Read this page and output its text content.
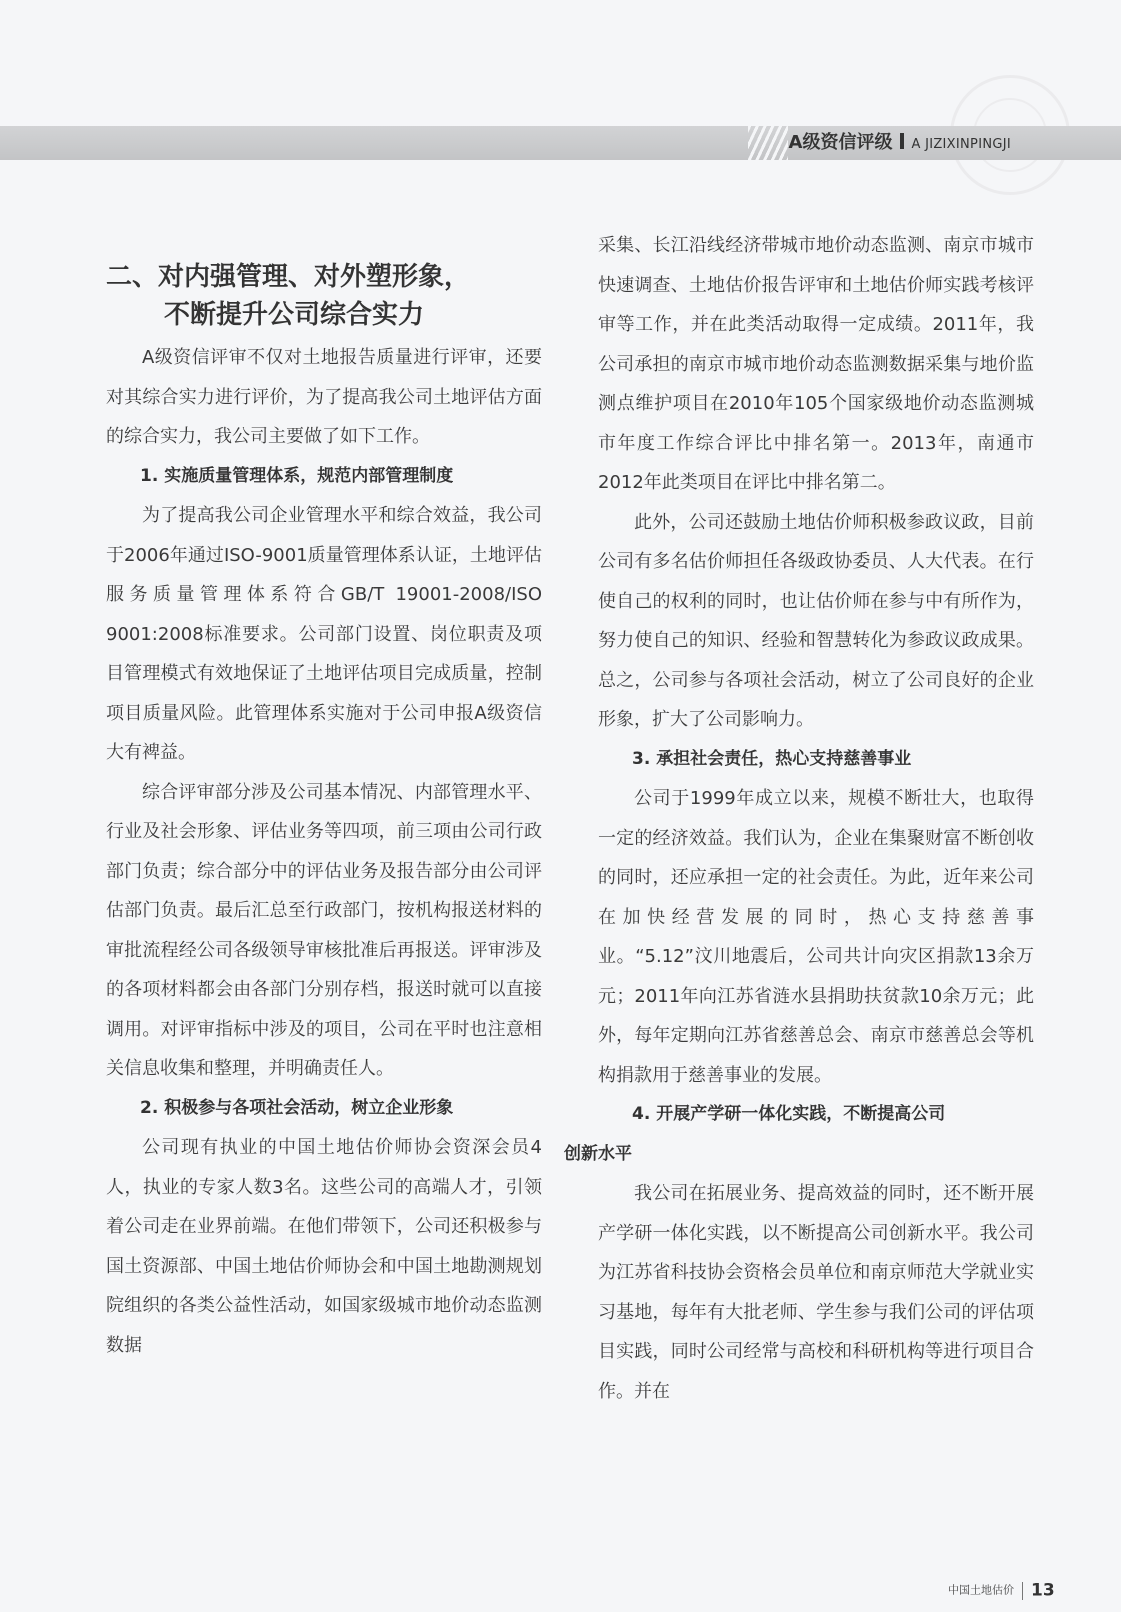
A级资信评级 A JIZIXINPINGJI
二、对内强管理、对外塑形象，
不断提升公司综合实力

A级资信评审不仅对土地报告质量进行评审，还要对其综合实力进行评价，为了提高我公司土地评估方面的综合实力，我公司主要做了如下工作。

1. 实施质量管理体系，规范内部管理制度

为了提高我公司企业管理水平和综合效益，我公司于2006年通过ISO-9001质量管理体系认证，土地评估服务质量管理体系符合GB/T 19001-2008/ISO 9001:2008标准要求。公司部门设置、岗位职责及项目管理模式有效地保证了土地评估项目完成质量，控制项目质量风险。此管理体系实施对于公司申报A级资信大有裨益。

综合评审部分涉及公司基本情况、内部管理水平、行业及社会形象、评估业务等四项，前三项由公司行政部门负责；综合部分中的评估业务及报告部分由公司评估部门负责。最后汇总至行政部门，按机构报送材料的审批流程经公司各级领导审核批准后再报送。评审涉及的各项材料都会由各部门分别存档，报送时就可以直接调用。对评审指标中涉及的项目，公司在平时也注意相关信息收集和整理，并明确责任人。

2. 积极参与各项社会活动，树立企业形象

公司现有执业的中国土地估价师协会资深会员4人，执业的专家人数3名。这些公司的高端人才，引领着公司走在业界前端。在他们带领下，公司还积极参与国土资源部、中国土地估价师协会和中国土地勘测规划院组织的各类公益性活动，如国家级城市地价动态监测数据

采集、长江沿线经济带城市地价动态监测、南京市城市快速调查、土地估价报告评审和土地估价师实践考核评审等工作，并在此类活动取得一定成绩。2011年，我公司承担的南京市城市地价动态监测数据采集与地价监测点维护项目在2010年105个国家级地价动态监测城市年度工作综合评比中排名第一。2013年，南通市2012年此类项目在评比中排名第二。

此外，公司还鼓励土地估价师积极参政议政，目前公司有多名估价师担任各级政协委员、人大代表。在行使自己的权利的同时，也让估价师在参与中有所作为，努力使自己的知识、经验和智慧转化为参政议政成果。总之，公司参与各项社会活动，树立了公司良好的企业形象，扩大了公司影响力。

3. 承担社会责任，热心支持慈善事业

公司于1999年成立以来，规模不断壮大，也取得一定的经济效益。我们认为，企业在集聚财富不断创收的同时，还应承担一定的社会责任。为此，近年来公司在加快经营发展的同时，热心支持慈善事业。“5.12”汶川地震后，公司共计向灾区捐款13余万元；2011年向江苏省涟水县捐助扶贫款10余万元；此外，每年定期向江苏省慈善总会、南京市慈善总会等机构捐款用于慈善事业的发展。

4. 开展产学研一体化实践，不断提高公司
创新水平

我公司在拓展业务、提高效益的同时，还不断开展产学研一体化实践，以不断提高公司创新水平。我公司为江苏省科技协会资格会员单位和南京师范大学就业实习基地，每年有大批老师、学生参与我们公司的评估项目实践，同时公司经常与高校和科研机构等进行项目合作。并在

中国土地估价 13
